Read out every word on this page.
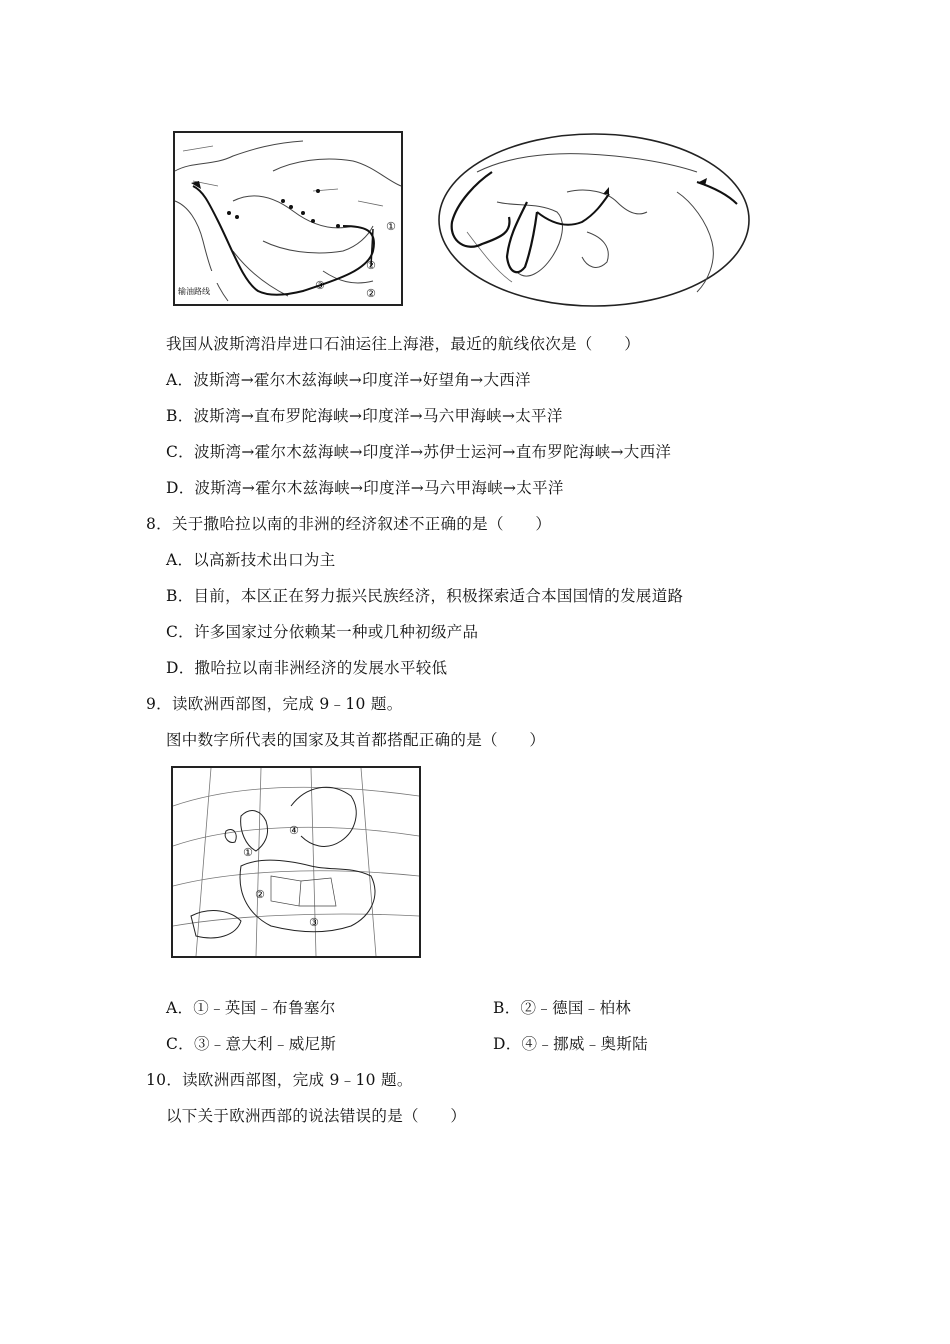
①
②
②
③
输油路线
我国从波斯湾沿岸进口石油运往上海港，最近的航线依次是（　　）
A．波斯湾→霍尔木兹海峡→印度洋→好望角→大西洋
B．波斯湾→直布罗陀海峡→印度洋→马六甲海峡→太平洋
C．波斯湾→霍尔木兹海峡→印度洋→苏伊士运河→直布罗陀海峡→大西洋
D．波斯湾→霍尔木兹海峡→印度洋→马六甲海峡→太平洋
8．关于撒哈拉以南的非洲的经济叙述不正确的是（　　）
A．以高新技术出口为主
B．目前，本区正在努力振兴民族经济，积极探索适合本国国情的发展道路
C．许多国家过分依赖某一种或几种初级产品
D．撒哈拉以南非洲经济的发展水平较低
9．读欧洲西部图，完成 9﹣10 题。
图中数字所代表的国家及其首都搭配正确的是（　　）
④
①
②
③
A．①﹣英国﹣布鲁塞尔	B．②﹣德国﹣柏林
C．③﹣意大利﹣威尼斯	D．④﹣挪威﹣奥斯陆
10．读欧洲西部图，完成 9﹣10 题。
以下关于欧洲西部的说法错误的是（　　）
